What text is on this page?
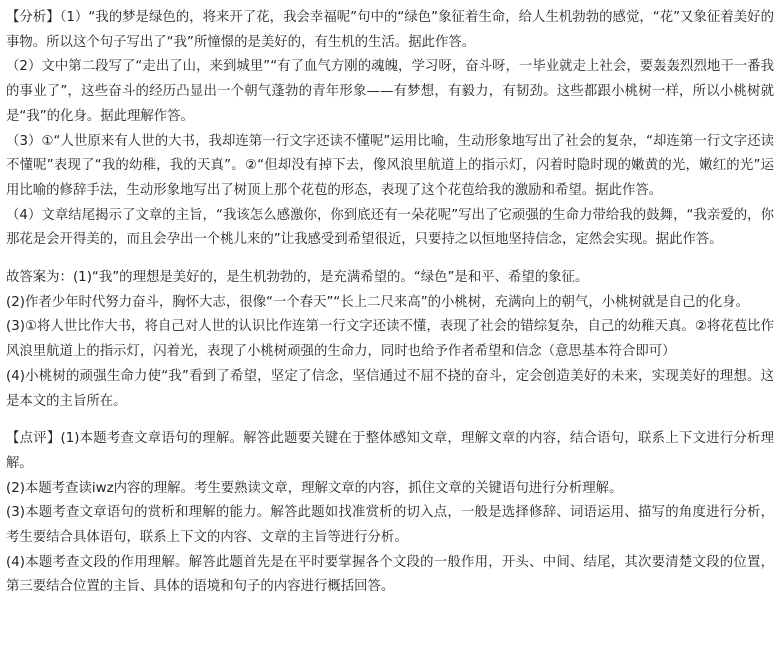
【分析】（1）“我的梦是绿色的，将来开了花，我会幸福呢”句中的“绿色”象征着生命，给人生机勃勃的感觉，“花”又象征着美好的事物。所以这个句子写出了“我”所憧憬的是美好的，有生机的生活。据此作答。

（2）文中第二段写了“走出了山，来到城里”“有了血气方刚的魂魄，学习呀，奋斗呀，一毕业就走上社会，要轰轰烈烈地干一番我的事业了”，这些奋斗的经历凸显出一个朝气蓬勃的青年形象——有梦想，有毅力，有韧劲。这些都跟小桃树一样，所以小桃树就是“我”的化身。据此理解作答。

（3）①“人世原来有人世的大书，我却连第一行文字还读不懂呢”运用比喻，生动形象地写出了社会的复杂，“却连第一行文字还读不懂呢”表现了“我的幼稚，我的天真”。②“但却没有掉下去，像风浪里航道上的指示灯，闪着时隐时现的嫩黄的光，嫩红的光”运用比喻的修辞手法，生动形象地写出了树顶上那个花苞的形态，表现了这个花苞给我的激励和希望。据此作答。

（4）文章结尾揭示了文章的主旨，“我该怎么感激你，你到底还有一朵花呢”写出了它顽强的生命力带给我的鼓舞，“我亲爱的，你那花是会开得美的，而且会孕出一个桃儿来的”让我感受到希望很近，只要持之以恒地坚持信念，定然会实现。据此作答。

故答案为：(1)“我”的理想是美好的，是生机勃勃的，是充满希望的。“绿色”是和平、希望的象征。

(2)作者少年时代努力奋斗，胸怀大志，很像“一个春天”“长上二尺来高”的小桃树，充满向上的朝气，小桃树就是自己的化身。

(3)①将人世比作大书，将自己对人世的认识比作连第一行文字还读不懂，表现了社会的错综复杂，自己的幼稚天真。②将花苞比作风浪里航道上的指示灯，闪着光，表现了小桃树顽强的生命力，同时也给予作者希望和信念（意思基本符合即可）

(4)小桃树的顽强生命力使“我”看到了希望，坚定了信念，坚信通过不屈不挠的奋斗，定会创造美好的未来，实现美好的理想。这是本文的主旨所在。

【点评】(1)本题考查文章语句的理解。解答此题要关键在于整体感知文章，理解文章的内容，结合语句，联系上下文进行分析理解。

(2)本题考查读iwz内容的理解。考生要熟读文章，理解文章的内容，抓住文章的关键语句进行分析理解。

(3)本题考查文章语句的赏析和理解的能力。解答此题如找准赏析的切入点，一般是选择修辞、词语运用、描写的角度进行分析，考生要结合具体语句，联系上下文的内容、文章的主旨等进行分析。

(4)本题考查文段的作用理解。解答此题首先是在平时要掌握各个文段的一般作用，开头、中间、结尾，其次要清楚文段的位置，第三要结合位置的主旨、具体的语境和句子的内容进行概括回答。
